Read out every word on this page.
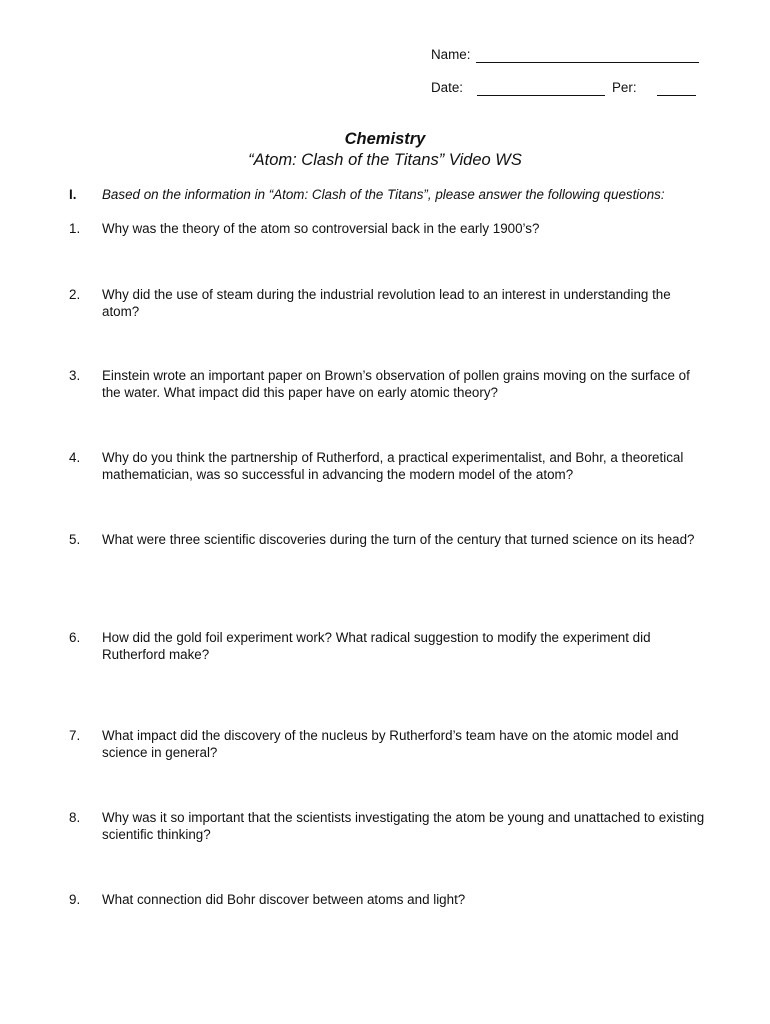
Name:
Date:	Per:
Chemistry
“Atom: Clash of the Titans” Video WS
I. Based on the information in “Atom: Clash of the Titans”, please answer the following questions:
1. Why was the theory of the atom so controversial back in the early 1900’s?
2. Why did the use of steam during the industrial revolution lead to an interest in understanding the atom?
3. Einstein wrote an important paper on Brown’s observation of pollen grains moving on the surface of the water. What impact did this paper have on early atomic theory?
4. Why do you think the partnership of Rutherford, a practical experimentalist, and Bohr, a theoretical mathematician, was so successful in advancing the modern model of the atom?
5. What were three scientific discoveries during the turn of the century that turned science on its head?
6. How did the gold foil experiment work? What radical suggestion to modify the experiment did Rutherford make?
7. What impact did the discovery of the nucleus by Rutherford’s team have on the atomic model and science in general?
8. Why was it so important that the scientists investigating the atom be young and unattached to existing scientific thinking?
9. What connection did Bohr discover between atoms and light?
